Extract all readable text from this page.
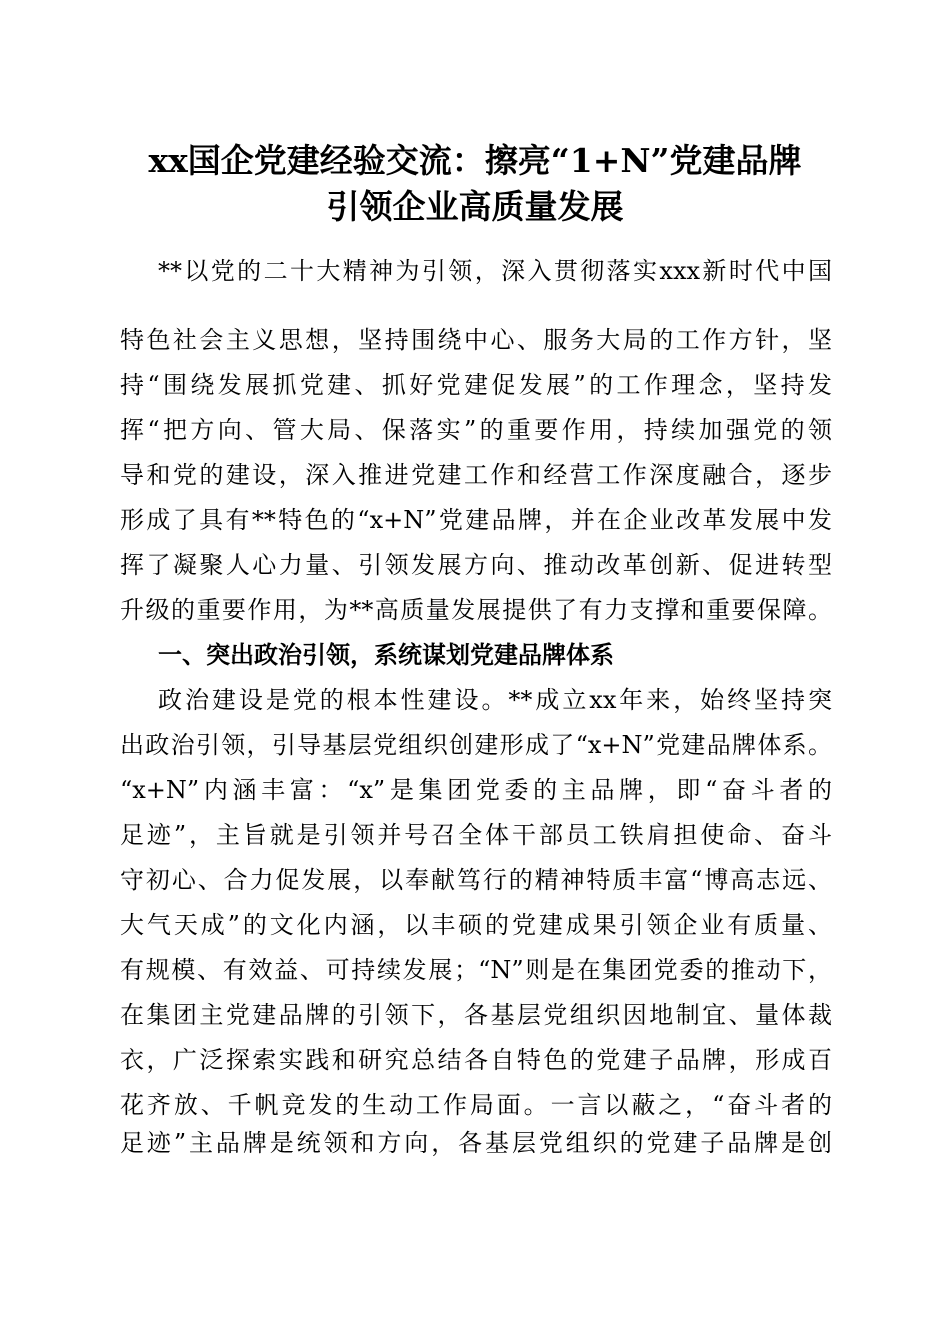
xx国企党建经验交流：擦亮“1+N”党建品牌
引领企业高质量发展
**以党的二十大精神为引领，深入贯彻落实xxx新时代中国
特色社会主义思想，坚持围绕中心、服务大局的工作方针，坚
持“围绕发展抓党建、抓好党建促发展”的工作理念，坚持发
挥“把方向、管大局、保落实”的重要作用，持续加强党的领
导和党的建设，深入推进党建工作和经营工作深度融合，逐步
形成了具有**特色的“x+N”党建品牌，并在企业改革发展中发
挥了凝聚人心力量、引领发展方向、推动改革创新、促进转型
升级的重要作用，为**高质量发展提供了有力支撑和重要保障。
一、突出政治引领，系统谋划党建品牌体系
政治建设是党的根本性建设。**成立xx年来，始终坚持突
出政治引领，引导基层党组织创建形成了“x+N”党建品牌体系。
“x+N”内涵丰富：“x”是集团党委的主品牌，即“奋斗者的
足迹”，主旨就是引领并号召全体干部员工铁肩担使命、奋斗
守初心、合力促发展，以奉献笃行的精神特质丰富“博高志远、
大气天成”的文化内涵，以丰硕的党建成果引领企业有质量、
有规模、有效益、可持续发展；“N”则是在集团党委的推动下，
在集团主党建品牌的引领下，各基层党组织因地制宜、量体裁
衣，广泛探索实践和研究总结各自特色的党建子品牌，形成百
花齐放、千帆竞发的生动工作局面。一言以蔽之，“奋斗者的
足迹”主品牌是统领和方向，各基层党组织的党建子品牌是创
